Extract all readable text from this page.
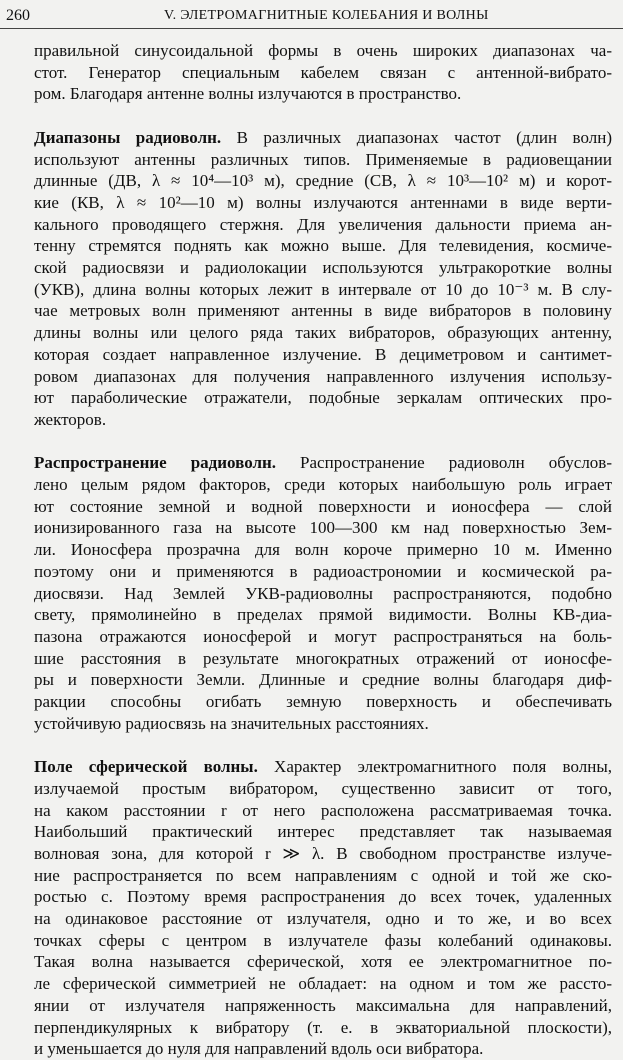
260	V. ЭЛЕТРОМАГНИТНЫЕ КОЛЕБАНИЯ И ВОЛНЫ
правильной синусоидальной формы в очень широких диапазонах ча-
стот. Генератор специальным кабелем связан с антенной-вибрато-
ром. Благодаря антенне волны излучаются в пространство.
Диапазоны радиоволн. В различных диапазонах частот (длин волн)
используют антенны различных типов. Применяемые в радиовещании
длинные (ДВ, λ ≈ 10⁴—10³ м), средние (СВ, λ ≈ 10³—10² м) и корот-
кие (КВ, λ ≈ 10²—10 м) волны излучаются антеннами в виде верти-
кального проводящего стержня. Для увеличения дальности приема ан-
тенну стремятся поднять как можно выше. Для телевидения, космиче-
ской радиосвязи и радиолокации используются ультракороткие волны
(УКВ), длина волны которых лежит в интервале от 10 до 10⁻³ м. В слу-
чае метровых волн применяют антенны в виде вибраторов в половину
длины волны или целого ряда таких вибраторов, образующих антенну,
которая создает направленное излучение. В дециметровом и сантимет-
ровом диапазонах для получения направленного излучения использу-
ют параболические отражатели, подобные зеркалам оптических про-
жекторов.
Распространение радиоволн. Распространение радиоволн обуслов-
лено целым рядом факторов, среди которых наибольшую роль играет
ют состояние земной и водной поверхности и ионосфера — слой
ионизированного газа на высоте 100—300 км над поверхностью Зем-
ли. Ионосфера прозрачна для волн короче примерно 10 м. Именно
поэтому они и применяются в радиоастрономии и космической ра-
диосвязи. Над Землей УКВ-радиоволны распространяются, подобно
свету, прямолинейно в пределах прямой видимости. Волны КВ-диа-
пазона отражаются ионосферой и могут распространяться на боль-
шие расстояния в результате многократных отражений от ионосфе-
ры и поверхности Земли. Длинные и средние волны благодаря диф-
ракции способны огибать земную поверхность и обеспечивать
устойчивую радиосвязь на значительных расстояниях.
Поле сферической волны. Характер электромагнитного поля волны,
излучаемой простым вибратором, существенно зависит от того,
на каком расстоянии r от него расположена рассматриваемая точка.
Наибольший практический интерес представляет так называемая
волновая зона, для которой r ≫ λ. В свободном пространстве излуче-
ние распространяется по всем направлениям с одной и той же ско-
ростью c. Поэтому время распространения до всех точек, удаленных
на одинаковое расстояние от излучателя, одно и то же, и во всех
точках сферы с центром в излучателе фазы колебаний одинаковы.
Такая волна называется сферической, хотя ее электромагнитное по-
ле сферической симметрией не обладает: на одном и том же рассто-
янии от излучателя напряженность максимальна для направлений,
перпендикулярных к вибратору (т. е. в экваториальной плоскости),
и уменьшается до нуля для направлений вдоль оси вибратора.
